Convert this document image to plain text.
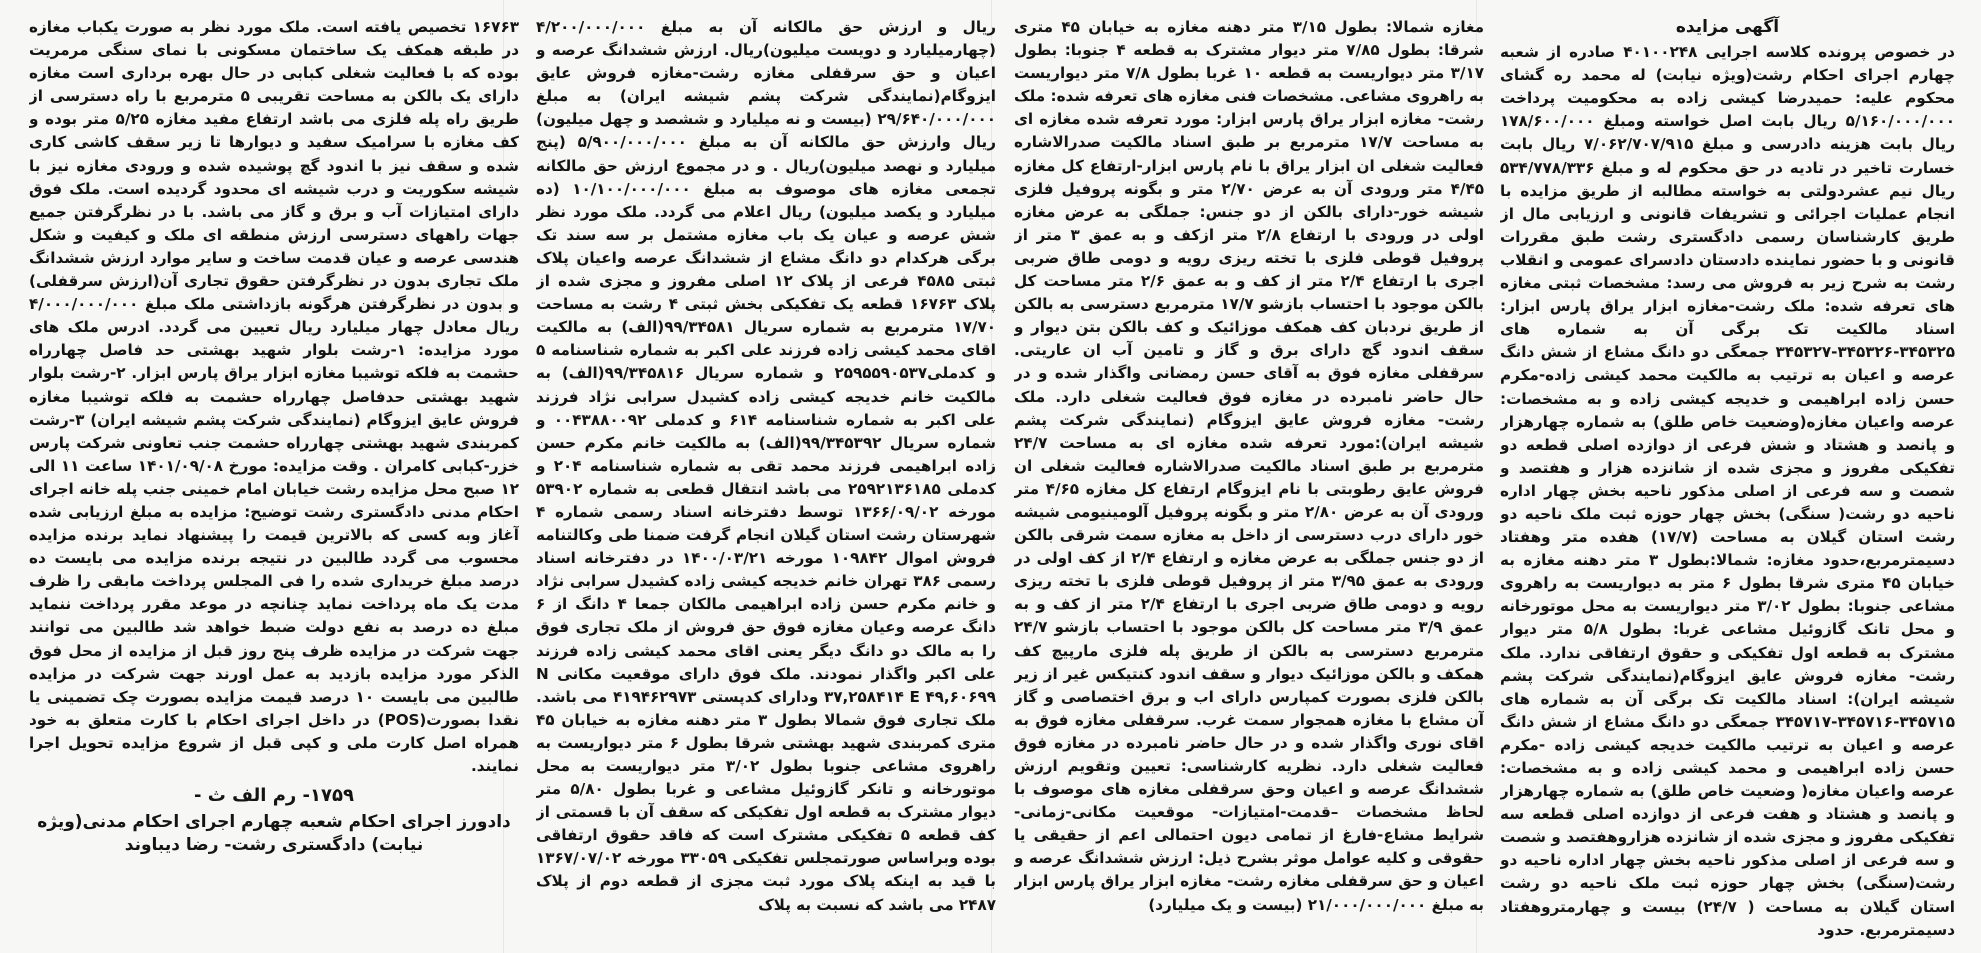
آگهی مزایده

در خصوص پرونده کلاسه اجرایی ۴۰۱۰۰۲۴۸ صادره از شعبه چهارم اجرای احکام رشت(ویژه نیابت) له محمد ره گشای محکوم علیه: حمیدرضا کیشی زاده به محکومیت پرداخت ۵/۱۶۰/۰۰۰/۰۰۰ ریال بابت اصل خواسته ومبلغ ۱۷۸/۶۰۰/۰۰۰ ریال بابت هزینه دادرسی و مبلغ ۷/۰۶۲/۷۰۷/۹۱۵ ریال بابت خسارت تاخیر در تادیه در حق محکوم له و مبلغ ۵۳۴/۷۷۸/۳۳۶ ریال نیم عشردولتی به خواسته مطالبه از طریق مزایده با انجام عملیات اجرائی و تشریفات قانونی و ارزیابی مال از طریق کارشناسان رسمی دادگستری رشت طبق مقررات قانونی و با حضور نماینده دادستان دادسرای عمومی و انقلاب رشت به شرح زیر به فروش می رسد: مشخصات ثبتی مغازه های تعرفه شده: ملک رشت-مغازه ابزار یراق پارس ابزار: اسناد مالکیت تک برگی آن به شماره های ۳۴۵۳۲۵-۳۴۵۳۲۶-۳۴۵۳۲۷ جمعگی دو دانگ مشاع از شش دانگ عرصه و اعیان به ترتیب به مالکیت محمد کیشی زاده-مکرم حسن زاده ابراهیمی و خدیجه کیشی زاده و به مشخصات: عرصه واعیان مغازه(وضعیت خاص طلق) به شماره چهارهزار و پانصد و هشتاد و شش فرعی از دوازده اصلی قطعه دو تفکیکی مفروز و مجزی شده از شانزده هزار و هفتصد و شصت و سه فرعی از اصلی مذکور ناحیه بخش چهار اداره ناحیه دو رشت( سنگی) بخش چهار حوزه ثبت ملک ناحیه دو رشت استان گیلان به مساحت (۱۷/۷) هفده متر وهفتاد دسیمترمربع،حدود مغازه: شمالا:بطول ۳ متر دهنه مغازه به خیابان ۴۵ متری شرقا بطول ۶ متر به دیواریست به راهروی مشاعی جنوبا: بطول ۳/۰۲ متر دیواریست به محل موتورخانه و محل تانک گازوئیل مشاعی غربا: بطول ۵/۸ متر دیوار مشترک به قطعه اول تفکیکی و حقوق ارتفاقی ندارد. ملک رشت- مغازه فروش عایق ایزوگام(نمایندگی شرکت پشم شیشه ایران): اسناد مالکیت تک برگی آن به شماره های ۳۴۵۷۱۵-۳۴۵۷۱۶-۳۴۵۷۱۷ جمعگی دو دانگ مشاع از شش دانگ عرصه و اعیان به ترتیب مالکیت خدیجه کیشی زاده -مکرم حسن زاده ابراهیمی و محمد کیشی زاده و به مشخصات: عرصه واعیان مغازه( وضعیت خاص طلق) به شماره چهارهزار و پانصد و هشتاد و هفت فرعی از دوازده اصلی قطعه سه تفکیکی مفروز و مجزی شده از شانزده هزاروهفتصد و شصت و سه فرعی از اصلی مذکور ناحیه بخش چهار اداره ناحیه دو رشت(سنگی) بخش چهار حوزه ثبت ملک ناحیه دو رشت استان گیلان به مساحت ( ۲۴/۷) بیست و چهارمتروهفتاد دسیمترمربع. حدود

مغازه شمالا: بطول ۳/۱۵ متر دهنه مغازه به خیابان ۴۵ متری شرقا: بطول ۷/۸۵ متر دیوار مشترک به قطعه ۴ جنوبا: بطول ۳/۱۷ متر دیواریست به قطعه ۱۰ غربا بطول ۷/۸ متر دیواریست به راهروی مشاعی. مشخصات فنی مغازه های تعرفه شده: ملک رشت- مغازه ابزار یراق پارس ابزار: مورد تعرفه شده مغازه ای به مساحت ۱۷/۷ مترمربع بر طبق اسناد مالکیت صدرالاشاره فعالیت شغلی ان ابزار یراق با نام پارس ابزار-ارتفاع کل مغازه ۴/۴۵ متر ورودی آن به عرض ۲/۷۰ متر و بگونه پروفیل فلزی شیشه خور-دارای بالکن از دو جنس: جملگی به عرض مغازه اولی در ورودی با ارتفاع ۲/۸ متر ازکف و به عمق ۳ متر از پروفیل قوطی فلزی با تخته ریزی رویه و دومی طاق ضربی اجری با ارتفاع ۲/۴ متر از کف و به عمق ۲/۶ متر مساحت کل بالکن موجود با احتساب بازشو ۱۷/۷ مترمربع دسترسی به بالکن از طریق نردبان کف همکف موزائیک و کف بالکن بتن دیوار و سقف اندود گچ دارای برق و گاز و تامین آب ان عاریتی. سرقفلی مغازه فوق به آقای حسن رمضانی واگذار شده و در حال حاضر نامبرده در مغازه فوق فعالیت شغلی دارد. ملک رشت- مغازه فروش عایق ایزوگام (نمایندگی شرکت پشم شیشه ایران):مورد تعرفه شده مغازه ای به مساحت ۲۴/۷ مترمربع بر طبق اسناد مالکیت صدرالاشاره فعالیت شغلی ان فروش عایق رطوبتی با نام ایزوگام ارتفاع کل مغازه ۴/۶۵ متر ورودی آن به عرض ۲/۸۰ متر و بگونه پروفیل آلومینیومی شیشه خور دارای درب دسترسی از داخل به مغازه سمت شرقی بالکن از دو جنس جملگی به عرض مغازه و ارتفاع ۲/۴ از کف اولی در ورودی به عمق ۳/۹۵ متر از پروفیل قوطی فلزی با تخته ریزی رویه و دومی طاق ضربی اجری با ارتفاع ۲/۴ متر از کف و به عمق ۳/۹ متر مساحت کل بالکن موجود با احتساب بازشو ۲۴/۷ مترمربع دسترسی به بالکن از طریق پله فلزی مارپیچ کف همکف و بالکن موزائیک دیوار و سقف اندود کنتیکس غیر از زیر بالکن فلزی بصورت کمپارس دارای اب و برق اختصاصی و گاز آن مشاع با مغازه همجوار سمت غرب. سرقفلی مغازه فوق به اقای نوری واگذار شده و در حال حاضر نامبرده در مغازه فوق فعالیت شغلی دارد. نظریه کارشناسی: تعیین وتقویم ارزش ششدانگ عرصه و اعیان وحق سرقفلی مغازه های موصوف با لحاظ مشخصات –قدمت-امتیازات- موقعیت مکانی-زمانی-شرایط مشاع-فارغ از تمامی دیون احتمالی اعم از حقیقی یا حقوقی و کلیه عوامل موثر بشرح ذیل: ارزش ششدانگ عرصه و اعیان و حق سرقفلی مغازه رشت- مغازه ابزار یراق پارس ابزار به مبلغ ۲۱/۰۰۰/۰۰۰/۰۰۰ (بیست و یک میلیارد)

ریال و ارزش حق مالکانه آن به مبلغ ۴/۲۰۰/۰۰۰/۰۰۰ (چهارمیلیارد و دویست میلیون)ریال. ارزش ششدانگ عرصه و اعیان و حق سرقفلی مغازه رشت-مغازه فروش عایق ایزوگام(نمایندگی شرکت پشم شیشه ایران) به مبلغ ۲۹/۶۴۰/۰۰۰/۰۰۰ (بیست و نه میلیارد و ششصد و چهل میلیون) ریال وارزش حق مالکانه آن به مبلغ ۵/۹۰۰/۰۰۰/۰۰۰ (پنج میلیارد و نهصد میلیون)ریال . و در مجموع ارزش حق مالکانه تجمعی مغازه های موصوف به مبلغ ۱۰/۱۰۰/۰۰۰/۰۰۰ (ده میلیارد و یکصد میلیون) ریال اعلام می گردد. ملک مورد نظر شش عرصه و عیان یک باب مغازه مشتمل بر سه سند تک برگی هرکدام دو دانگ مشاع از ششدانگ عرصه واعیان پلاک ثبتی ۴۵۸۵ فرعی از پلاک ۱۲ اصلی مفروز و مجزی شده از پلاک ۱۶۷۶۳ قطعه یک تفکیکی بخش ثبتی ۴ رشت به مساحت ۱۷/۷۰ مترمربع به شماره سریال ۹۹/۳۴۵۸۱(الف) به مالکیت اقای محمد کیشی زاده فرزند علی اکبر به شماره شناسنامه ۵ و کدملی۲۵۹۵۵۹۰۵۳۷ و شماره سریال ۹۹/۳۴۵۸۱۶(الف) به مالکیت خانم خدیجه کیشی زاده کشیدل سرابی نژاد فرزند علی اکبر به شماره شناسنامه ۶۱۴ و کدملی ۰۰۴۳۸۸۰۰۹۲ و شماره سریال ۹۹/۳۴۵۳۹۲(الف) به مالکیت خانم مکرم حسن زاده ابراهیمی فرزند محمد تقی به شماره شناسنامه ۲۰۴ و کدملی ۲۵۹۲۱۳۶۱۸۵ می باشد انتقال قطعی به شماره ۵۳۹۰۲ مورخه ۱۳۶۶/۰۹/۰۲ توسط دفترخانه اسناد رسمی شماره ۴ شهرستان رشت استان گیلان انجام گرفت ضمنا طی وکالتنامه فروش اموال ۱۰۹۸۴۲ مورخه ۱۴۰۰/۰۳/۲۱ در دفترخانه اسناد رسمی ۳۸۶ تهران خانم خدیجه کیشی زاده کشیدل سرابی نژاد و خانم مکرم حسن زاده ابراهیمی مالکان جمعا ۴ دانگ از ۶ دانگ عرصه وعیان مغازه فوق حق فروش از ملک تجاری فوق را به مالک دو دانگ دیگر یعنی اقای محمد کیشی زاده فرزند علی اکبر واگذار نمودند. ملک فوق دارای موقعیت مکانی N ۳۷,۲۵۸۴۱۴ E ۴۹,۶۰۶۹۹ ودارای کدپستی ۴۱۹۴۶۲۹۷۳ می باشد. ملک تجاری فوق شمالا بطول ۳ متر دهنه مغازه به خیابان ۴۵ متری کمربندی شهید بهشتی شرقا بطول ۶ متر دیواریست به راهروی مشاعی جنوبا بطول ۳/۰۲ متر دیواریست به محل موتورخانه و تانکر گازوئیل مشاعی و غربا بطول ۵/۸۰ متر دیوار مشترک به قطعه اول تفکیکی که سقف آن با قسمتی از کف قطعه ۵ تفکیکی مشترک است که فاقد حقوق ارتفاقی بوده وبراساس صورتمجلس تفکیکی ۳۳۰۵۹ مورخه ۱۳۶۷/۰۷/۰۲ با قید به اینکه پلاک مورد ثبت مجزی از قطعه دوم از پلاک ۲۴۸۷ می باشد که نسبت به پلاک

۱۶۷۶۳ تخصیص یافته است. ملک مورد نظر به صورت یکباب مغازه در طبقه همکف یک ساختمان مسکونی با نمای سنگی مرمریت بوده که با فعالیت شغلی کبابی در حال بهره برداری است مغازه دارای یک بالکن به مساحت تقریبی ۵ مترمربع با راه دسترسی از طریق راه پله فلزی می باشد ارتفاع مفید مغازه ۵/۲۵ متر بوده و کف مغازه با سرامیک سفید و دیوارها تا زیر سقف کاشی کاری شده و سقف نیز با اندود گچ پوشیده شده و ورودی مغازه نیز با شیشه سکوریت و درب شیشه ای محدود گردیده است. ملک فوق دارای امتیازات آب و برق و گاز می باشد. با در نظرگرفتن جمیع جهات راههای دسترسی ارزش منطقه ای ملک و کیفیت و شکل هندسی عرصه و عیان قدمت ساخت و سایر موارد ارزش ششدانگ ملک تجاری بدون در نظرگرفتن حقوق تجاری آن(ارزش سرقفلی) و بدون در نظرگرفتن هرگونه بازداشتی ملک مبلغ ۴/۰۰۰/۰۰۰/۰۰۰ ریال معادل چهار میلیارد ریال تعیین می گردد. ادرس ملک های مورد مزایده: ۱-رشت بلوار شهید بهشتی حد فاصل چهارراه حشمت به فلکه توشیبا مغازه ابزار یراق پارس ابزار. ۲-رشت بلوار شهید بهشتی حدفاصل چهارراه حشمت به فلکه توشیبا مغازه فروش عایق ایزوگام (نمایندگی شرکت پشم شیشه ایران) ۳-رشت کمربندی شهید بهشتی چهارراه حشمت جنب تعاونی شرکت پارس خزر-کبابی کامران . وقت مزایده: مورخ ۱۴۰۱/۰۹/۰۸ ساعت ۱۱ الی ۱۲ صبح محل مزایده رشت خیابان امام خمینی جنب پله خانه اجرای احکام مدنی دادگستری رشت توضیح: مزایده به مبلغ ارزیابی شده آغاز وبه کسی که بالاترین قیمت را پیشنهاد نماید برنده مزایده محسوب می گردد طالبین در نتیجه برنده مزایده می بایست ده درصد مبلغ خریداری شده را فی المجلس پرداخت مابقی را ظرف مدت یک ماه پرداخت نماید چنانچه در موعد مقرر پرداخت ننماید مبلغ ده درصد به نفع دولت ضبط خواهد شد طالبین می توانند جهت شرکت در مزایده ظرف پنج روز قبل از مزایده از محل فوق الذکر مورد مزایده بازدید به عمل اورند جهت شرکت در مزایده طالبین می بایست ۱۰ درصد قیمت مزایده بصورت چک تضمینی یا نقدا بصورت(POS) در داخل اجرای احکام با کارت متعلق به خود همراه اصل کارت ملی و کپی قبل از شروع مزایده تحویل اجرا نمایند.

۱۷۵۹- رم الف ث -
دادورز اجرای احکام شعبه چهارم اجرای احکام مدنی(ویژه نیابت) دادگستری رشت- رضا دیباوند
